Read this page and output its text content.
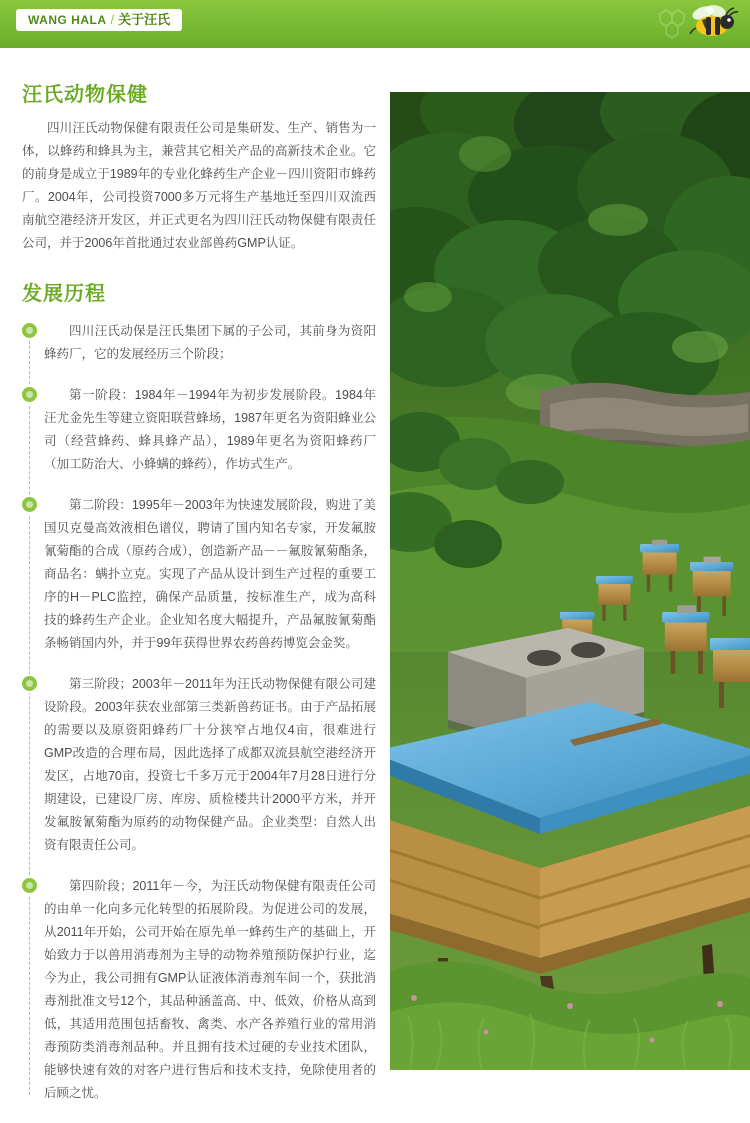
WANG HALA / 关于汪氏
汪氏动物保健

四川汪氏动物保健有限责任公司是集研发、生产、销售为一体，以蜂药和蜂具为主，兼营其它相关产品的高新技术企业。它的前身是成立于1989年的专业化蜂药生产企业－四川资阳市蜂药厂。2004年，公司投资7000多万元将生产基地迁至四川双流西南航空港经济开发区，并正式更名为四川汪氏动物保健有限责任公司，并于2006年首批通过农业部兽药GMP认证。

发展历程
四川汪氏动保是汪氏集团下属的子公司，其前身为资阳蜂药厂，它的发展经历三个阶段；
第一阶段：1984年－1994年为初步发展阶段。1984年汪尤金先生等建立资阳联营蜂场，1987年更名为资阳蜂业公司（经营蜂药、蜂具蜂产品），1989年更名为资阳蜂药厂（加工防治大、小蜂螨的蜂药），作坊式生产。
第二阶段：1995年－2003年为快速发展阶段，购进了美国贝克曼高效液相色谱仪，聘请了国内知名专家，开发氟胺氰菊酯的合成（原药合成），创造新产品－－氟胺氰菊酯条，商品名：螨扑立克。实现了产品从设计到生产过程的重要工序的H－PLC监控，确保产品质量，按标准生产，成为高科技的蜂药生产企业。企业知名度大幅提升，产品氟胺氰菊酯条畅销国内外，并于99年获得世界农药兽药博览会金奖。
第三阶段；2003年－2011年为汪氏动物保健有限公司建设阶段。2003年获农业部第三类新兽药证书。由于产品拓展的需要以及原资阳蜂药厂十分狭窄占地仅4亩，很难进行GMP改造的合理布局，因此选择了成都双流县航空港经济开发区，占地70亩，投资七千多万元于2004年7月28日进行分期建设，已建设厂房、库房、质检楼共计2000平方米，并开发氟胺氰菊酯为原药的动物保健产品。企业类型：自然人出资有限责任公司。
第四阶段；2011年－今，为汪氏动物保健有限责任公司的由单一化向多元化转型的拓展阶段。为促进公司的发展，从2011年开始，公司开始在原先单一蜂药生产的基础上，开始致力于以兽用消毒剂为主导的动物养殖预防保护行业，迄今为止，我公司拥有GMP认证液体消毒剂车间一个，获批消毒剂批准文号12个，其品种涵盖高、中、低效，价格从高到低，其适用范围包括畜牧、禽类、水产各养殖行业的常用消毒预防类消毒剂品种。并且拥有技术过硬的专业技术团队，能够快速有效的对客户进行售后和技术支持，免除使用者的后顾之忧。
